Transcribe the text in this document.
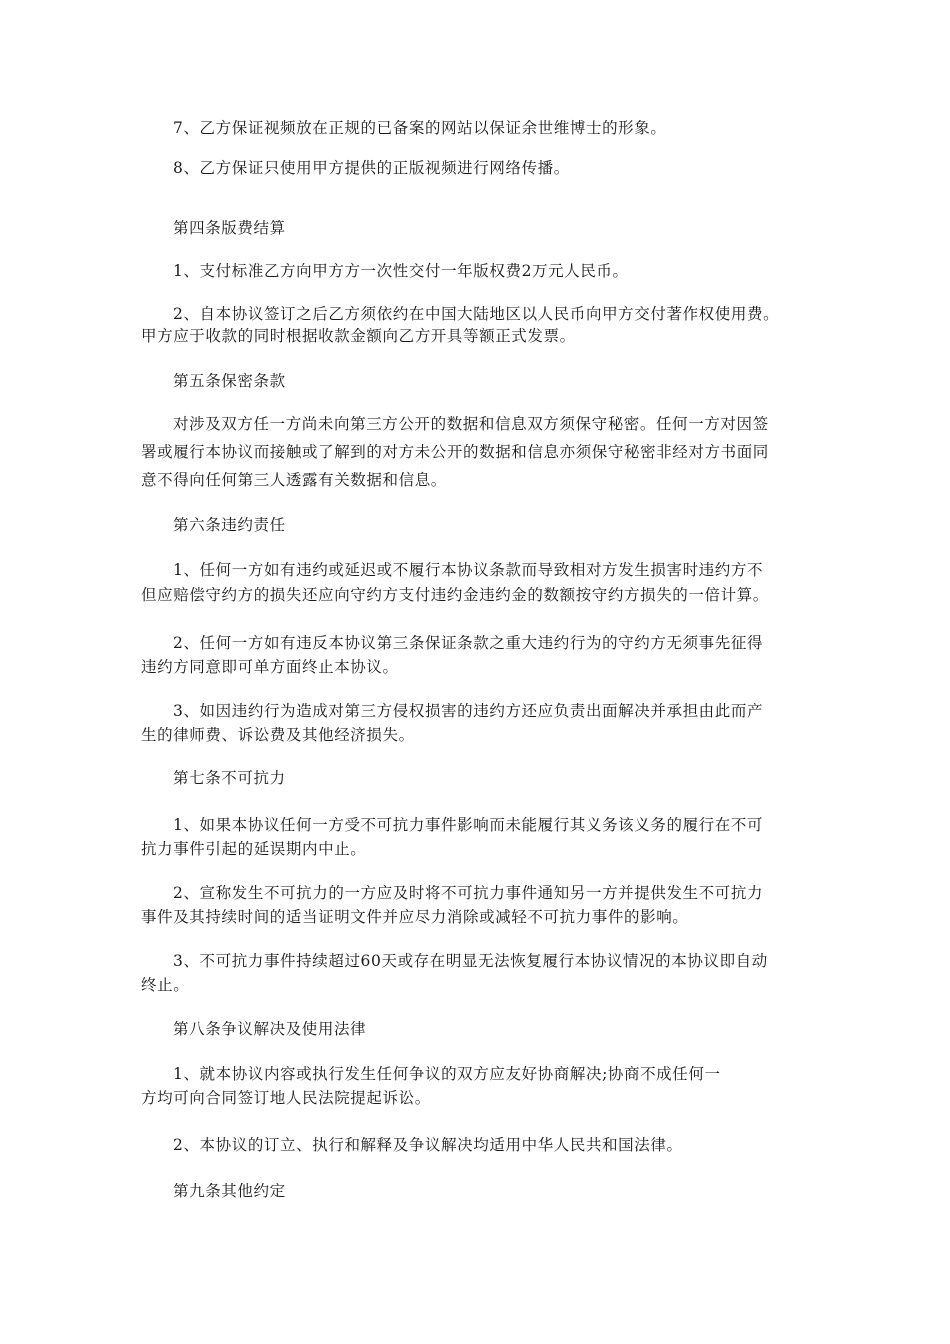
7、乙方保证视频放在正规的已备案的网站以保证余世维博士的形象。
8、乙方保证只使用甲方提供的正版视频进行网络传播。
第四条版费结算
1、支付标准乙方向甲方方一次性交付一年版权费2万元人民币。
2、自本协议签订之后乙方须依约在中国大陆地区以人民币向甲方交付著作权使用费。
甲方应于收款的同时根据收款金额向乙方开具等额正式发票。
第五条保密条款
对涉及双方任一方尚未向第三方公开的数据和信息双方须保守秘密。任何一方对因签
署或履行本协议而接触或了解到的对方未公开的数据和信息亦须保守秘密非经对方书面同
意不得向任何第三人透露有关数据和信息。
第六条违约责任
1、任何一方如有违约或延迟或不履行本协议条款而导致相对方发生损害时违约方不
但应赔偿守约方的损失还应向守约方支付违约金违约金的数额按守约方损失的一倍计算。
2、任何一方如有违反本协议第三条保证条款之重大违约行为的守约方无须事先征得
违约方同意即可单方面终止本协议。
3、如因违约行为造成对第三方侵权损害的违约方还应负责出面解决并承担由此而产
生的律师费、诉讼费及其他经济损失。
第七条不可抗力
1、如果本协议任何一方受不可抗力事件影响而未能履行其义务该义务的履行在不可
抗力事件引起的延误期内中止。
2、宣称发生不可抗力的一方应及时将不可抗力事件通知另一方并提供发生不可抗力
事件及其持续时间的适当证明文件并应尽力消除或减轻不可抗力事件的影响。
3、不可抗力事件持续超过60天或存在明显无法恢复履行本协议情况的本协议即自动
终止。
第八条争议解决及使用法律
1、就本协议内容或执行发生任何争议的双方应友好协商解决;协商不成任何一
方均可向合同签订地人民法院提起诉讼。
2、本协议的订立、执行和解释及争议解决均适用中华人民共和国法律。
第九条其他约定
